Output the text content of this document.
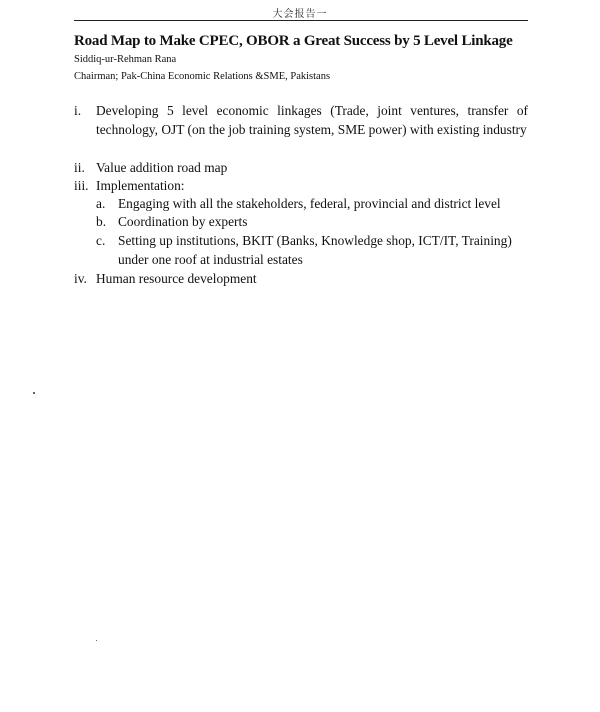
大会报告一
Road Map to Make CPEC, OBOR a Great Success by 5 Level Linkage
Siddiq-ur-Rehman Rana
Chairman; Pak-China Economic Relations &SME, Pakistans
i. Developing 5 level economic linkages (Trade, joint ventures, transfer of technology, OJT (on the job training system, SME power) with existing industry
ii. Value addition road map
iii. Implementation:
a. Engaging with all the stakeholders, federal, provincial and district level
b. Coordination by experts
c. Setting up institutions, BKIT (Banks, Knowledge shop, ICT/IT, Training) under one roof at industrial estates
iv. Human resource development
